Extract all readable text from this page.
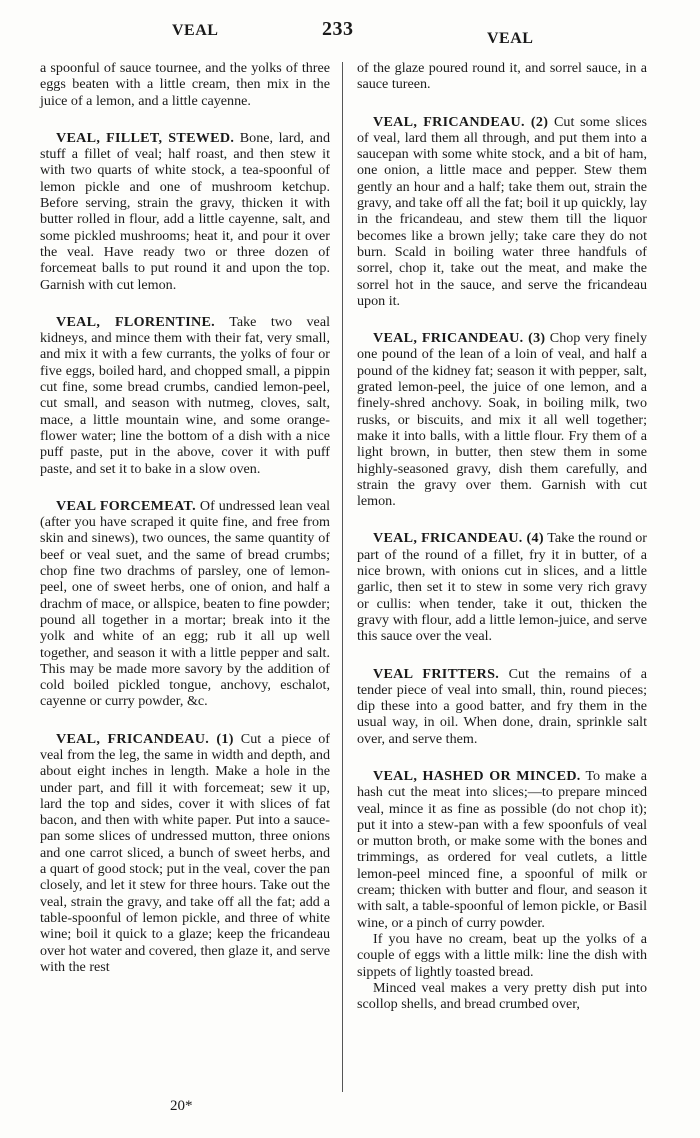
VEAL	233	VEAL
a spoonful of sauce tournee, and the yolks of three eggs beaten with a little cream, then mix in the juice of a lemon, and a little cayenne.
VEAL, FILLET, STEWED. Bone, lard, and stuff a fillet of veal; half roast, and then stew it with two quarts of white stock, a tea-spoonful of lemon pickle and one of mushroom ketchup. Before serving, strain the gravy, thicken it with butter rolled in flour, add a little cayenne, salt, and some pickled mushrooms; heat it, and pour it over the veal. Have ready two or three dozen of forcemeat balls to put round it and upon the top. Garnish with cut lemon.
VEAL, FLORENTINE. Take two veal kidneys, and mince them with their fat, very small, and mix it with a few currants, the yolks of four or five eggs, boiled hard, and chopped small, a pippin cut fine, some bread crumbs, candied lemon-peel, cut small, and season with nutmeg, cloves, salt, mace, a little mountain wine, and some orange-flower water; line the bottom of a dish with a nice puff paste, put in the above, cover it with puff paste, and set it to bake in a slow oven.
VEAL FORCEMEAT. Of undressed lean veal (after you have scraped it quite fine, and free from skin and sinews), two ounces, the same quantity of beef or veal suet, and the same of bread crumbs; chop fine two drachms of parsley, one of lemon-peel, one of sweet herbs, one of onion, and half a drachm of mace, or allspice, beaten to fine powder; pound all together in a mortar; break into it the yolk and white of an egg; rub it all up well together, and season it with a little pepper and salt. This may be made more savory by the addition of cold boiled pickled tongue, anchovy, eschalot, cayenne or curry powder, &c.
VEAL, FRICANDEAU. (1) Cut a piece of veal from the leg, the same in width and depth, and about eight inches in length. Make a hole in the under part, and fill it with forcemeat; sew it up, lard the top and sides, cover it with slices of fat bacon, and then with white paper. Put into a sauce-pan some slices of undressed mutton, three onions and one carrot sliced, a bunch of sweet herbs, and a quart of good stock; put in the veal, cover the pan closely, and let it stew for three hours. Take out the veal, strain the gravy, and take off all the fat; add a table-spoonful of lemon pickle, and three of white wine; boil it quick to a glaze; keep the fricandeau over hot water and covered, then glaze it, and serve with the rest
of the glaze poured round it, and sorrel sauce, in a sauce tureen.
VEAL, FRICANDEAU. (2) Cut some slices of veal, lard them all through, and put them into a saucepan with some white stock, and a bit of ham, one onion, a little mace and pepper. Stew them gently an hour and a half; take them out, strain the gravy, and take off all the fat; boil it up quickly, lay in the fricandeau, and stew them till the liquor becomes like a brown jelly; take care they do not burn. Scald in boiling water three handfuls of sorrel, chop it, take out the meat, and make the sorrel hot in the sauce, and serve the fricandeau upon it.
VEAL, FRICANDEAU. (3) Chop very finely one pound of the lean of a loin of veal, and half a pound of the kidney fat; season it with pepper, salt, grated lemon-peel, the juice of one lemon, and a finely-shred anchovy. Soak, in boiling milk, two rusks, or biscuits, and mix it all well together; make it into balls, with a little flour. Fry them of a light brown, in butter, then stew them in some highly-seasoned gravy, dish them carefully, and strain the gravy over them. Garnish with cut lemon.
VEAL, FRICANDEAU. (4) Take the round or part of the round of a fillet, fry it in butter, of a nice brown, with onions cut in slices, and a little garlic, then set it to stew in some very rich gravy or cullis: when tender, take it out, thicken the gravy with flour, add a little lemon-juice, and serve this sauce over the veal.
VEAL FRITTERS. Cut the remains of a tender piece of veal into small, thin, round pieces; dip these into a good batter, and fry them in the usual way, in oil. When done, drain, sprinkle salt over, and serve them.
VEAL, HASHED OR MINCED. To make a hash cut the meat into slices;—to prepare minced veal, mince it as fine as possible (do not chop it); put it into a stew-pan with a few spoonfuls of veal or mutton broth, or make some with the bones and trimmings, as ordered for veal cutlets, a little lemon-peel minced fine, a spoonful of milk or cream; thicken with butter and flour, and season it with salt, a table-spoonful of lemon pickle, or Basil wine, or a pinch of curry powder.

If you have no cream, beat up the yolks of a couple of eggs with a little milk: line the dish with sippets of lightly toasted bread.

Minced veal makes a very pretty dish put into scollop shells, and bread crumbed over,

20*
